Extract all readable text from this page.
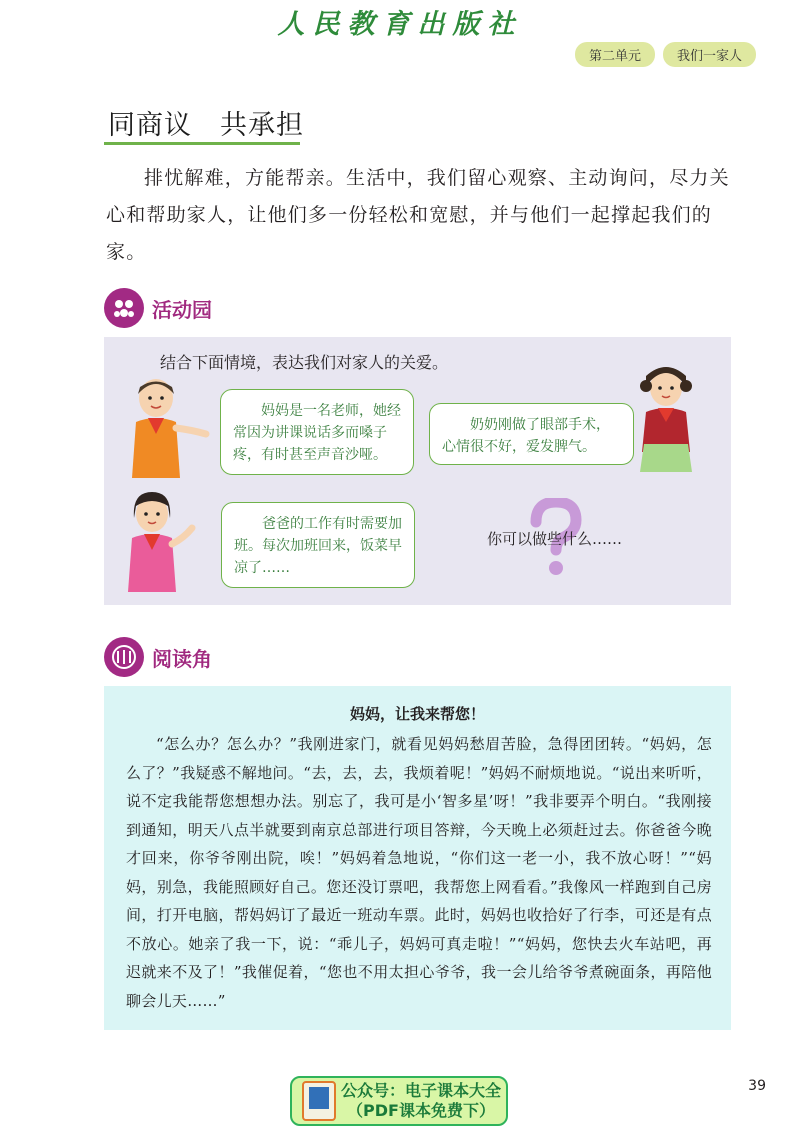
人民教育出版社
第二单元	我们一家人
同商议　共承担

排忧解难，方能帮亲。生活中，我们留心观察、主动询问，尽力关心和帮助家人，让他们多一份轻松和宽慰，并与他们一起撑起我们的家。

活动园
结合下面情境，表达我们对家人的关爱。

妈妈是一名老师，她经常因为讲课说话多而嗓子疼，有时甚至声音沙哑。

奶奶刚做了眼部手术，心情很不好，爱发脾气。

爸爸的工作有时需要加班。每次加班回来，饭菜早凉了……

你可以做些什么……
阅读角
妈妈，让我来帮您！

“怎么办？怎么办？”我刚进家门，就看见妈妈愁眉苦脸，急得团团转。“妈妈，怎么了？”我疑惑不解地问。“去，去，去，我烦着呢！”妈妈不耐烦地说。“说出来听听，说不定我能帮您想想办法。别忘了，我可是小‘智多星’呀！”我非要弄个明白。“我刚接到通知，明天八点半就要到南京总部进行项目答辩，今天晚上必须赶过去。你爸爸今晚才回来，你爷爷刚出院，唉！”妈妈着急地说，“你们这一老一小，我不放心呀！”“妈妈，别急，我能照顾好自己。您还没订票吧，我帮您上网看看。”我像风一样跑到自己房间，打开电脑，帮妈妈订了最近一班动车票。此时，妈妈也收拾好了行李，可还是有点不放心。她亲了我一下，说：“乖儿子，妈妈可真走啦！”“妈妈，您快去火车站吧，再迟就来不及了！”我催促着，“您也不用太担心爷爷，我一会儿给爷爷煮碗面条，再陪他聊会儿天……”

公众号：电子课本大全
（PDF课本免费下）
39
